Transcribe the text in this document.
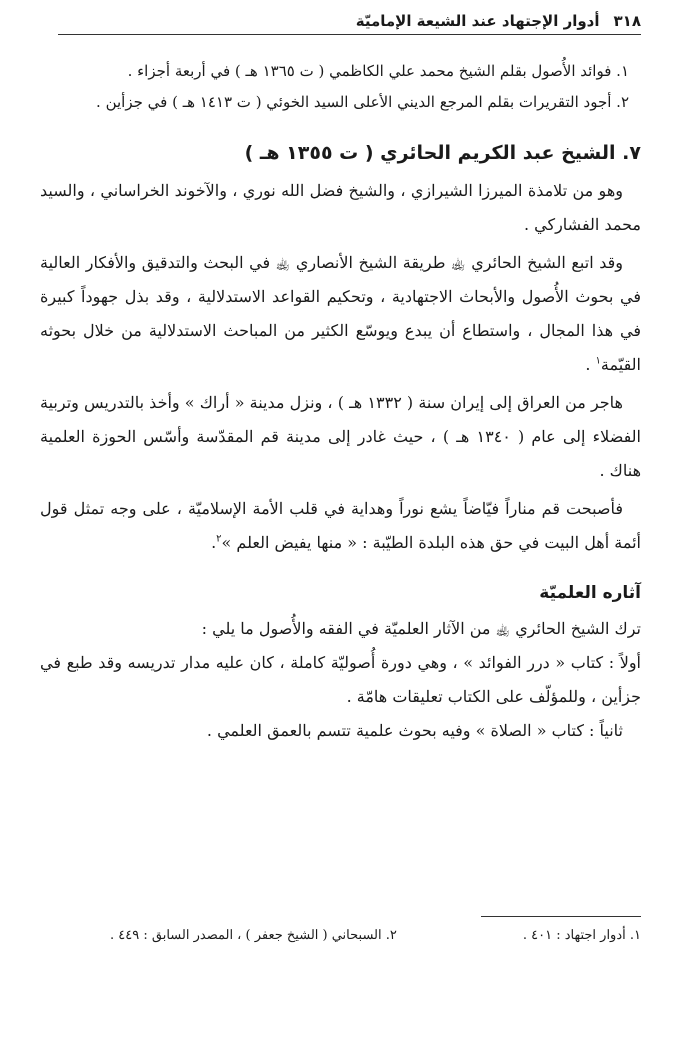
٣١٨
أدوار الإجتهاد عند الشيعة الإماميّة

١. فوائد الأُصول بقلم الشيخ محمد علي الكاظمي ( ت ١٣٦٥ هـ ) في أربعة أجزاء .

٢. أجود التقريرات بقلم المرجع الديني الأعلى السيد الخوئي ( ت ١٤١٣ هـ ) في جزأين .

٧. الشيخ عبد الكريم الحائري ( ت ١٣٥٥ هـ )

وهو من تلامذة الميرزا الشيرازي ، والشيخ فضل الله نوري ، والآخوند الخراساني ، والسيد محمد الفشاركي .

وقد اتبع الشيخ الحائري ﵀ طريقة الشيخ الأنصاري ﵀ في البحث والتدقيق والأفكار العالية في بحوث الأُصول والأبحاث الاجتهادية ، وتحكيم القواعد الاستدلالية ، وقد بذل جهوداً كبيرة في هذا المجال ، واستطاع أن يبدع ويوسّع الكثير من المباحث الاستدلالية من خلال بحوثه القيّمة$^١$ .

هاجر من العراق إلى إيران سنة ( ١٣٣٢ هـ ) ، ونزل مدينة « أراك » وأخذ بالتدريس وتربية الفضلاء إلى عام ( ١٣٤٠ هـ ) ، حيث غادر إلى مدينة قم المقدّسة وأسّس الحوزة العلمية هناك .

فأصبحت قم مناراً فيّاضاً يشع نوراً وهداية في قلب الأمة الإسلاميّة ، على وجه تمثل قول أئمة أهل البيت في حق هذه البلدة الطيّبة : « منها يفيض العلم »$^٢$.

آثاره العلميّة

ترك الشيخ الحائري ﵀ من الآثار العلميّة في الفقه والأُصول ما يلي :

أولاً : كتاب « درر الفوائد » ، وهي دورة أُصوليّة كاملة ، كان عليه مدار تدريسه وقد طبع في جزأين ، وللمؤلّف على الكتاب تعليقات هامّة .

ثانياً : كتاب « الصلاة » وفيه بحوث علمية تتسم بالعمق العلمي .

١. أدوار اجتهاد : ٤٠١ .
٢. السبحاني ( الشيخ جعفر ) ، المصدر السابق : ٤٤٩ .
